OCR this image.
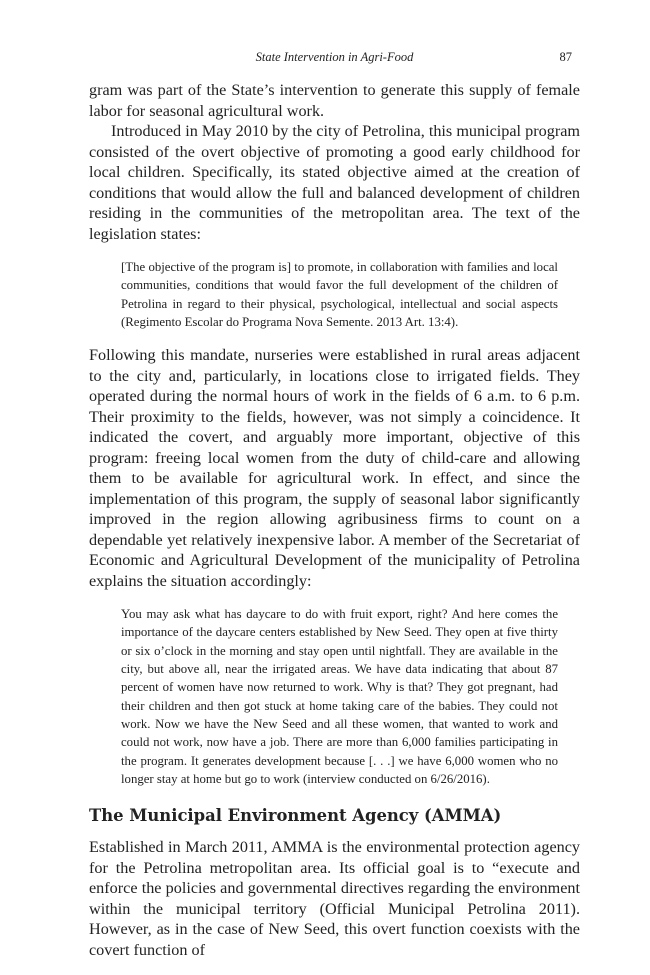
State Intervention in Agri-Food	87

gram was part of the State’s intervention to generate this supply of female labor for seasonal agricultural work.

Introduced in May 2010 by the city of Petrolina, this municipal program consisted of the overt objective of promoting a good early childhood for local children. Specifically, its stated objective aimed at the creation of conditions that would allow the full and balanced development of children residing in the communities of the metropolitan area. The text of the legislation states:

[The objective of the program is] to promote, in collaboration with families and local communities, conditions that would favor the full development of the children of Petrolina in regard to their physical, psychological, intellectual and social aspects (Regimento Escolar do Programa Nova Semente. 2013 Art. 13:4).

Following this mandate, nurseries were established in rural areas adjacent to the city and, particularly, in locations close to irrigated fields. They operated during the normal hours of work in the fields of 6 a.m. to 6 p.m. Their proximity to the fields, however, was not simply a coincidence. It indicated the covert, and arguably more important, objective of this program: freeing local women from the duty of child-care and allowing them to be available for agricultural work. In effect, and since the implementation of this program, the supply of seasonal labor significantly improved in the region allowing agribusiness firms to count on a dependable yet relatively inexpensive labor. A member of the Secretariat of Economic and Agricultural Development of the municipality of Petrolina explains the situation accordingly:

You may ask what has daycare to do with fruit export, right? And here comes the importance of the daycare centers established by New Seed. They open at five thirty or six o’clock in the morning and stay open until nightfall. They are available in the city, but above all, near the irrigated areas. We have data indicating that about 87 percent of women have now returned to work. Why is that? They got pregnant, had their children and then got stuck at home taking care of the babies. They could not work. Now we have the New Seed and all these women, that wanted to work and could not work, now have a job. There are more than 6,000 families participating in the program. It generates development because [. . .] we have 6,000 women who no longer stay at home but go to work (interview conducted on 6/26/2016).
The Municipal Environment Agency (AMMA)

Established in March 2011, AMMA is the environmental protection agency for the Petrolina metropolitan area. Its official goal is to “execute and enforce the policies and governmental directives regarding the environment within the municipal territory (Official Municipal Petrolina 2011). However, as in the case of New Seed, this overt function coexists with the covert function of
